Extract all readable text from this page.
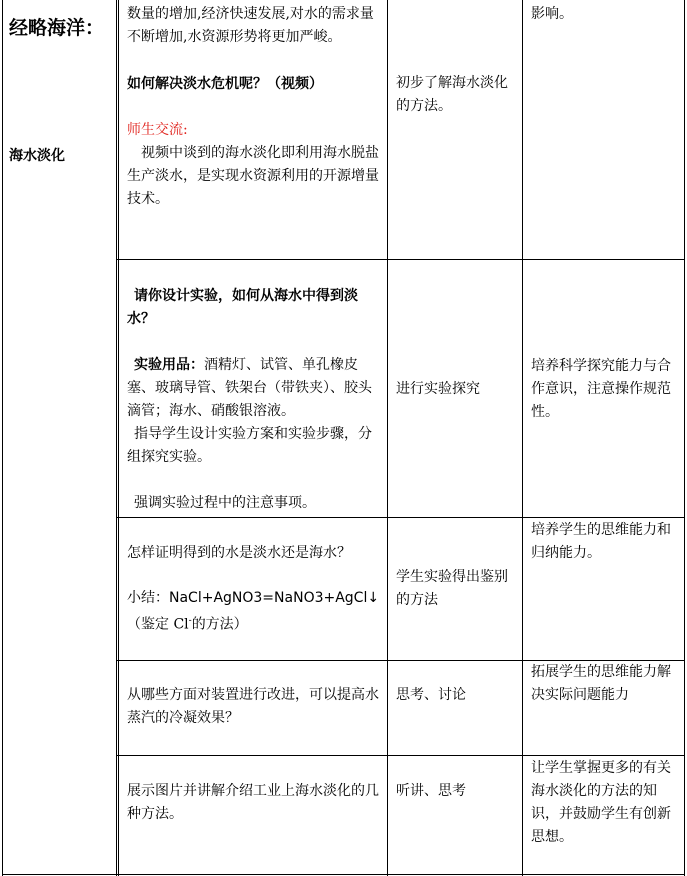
经略海洋：
海水淡化

数量的增加,经济快速发展,对水的需求量不断增加,水资源形势将更加严峻。

如何解决淡水危机呢？（视频）

师生交流:

视频中谈到的海水淡化即利用海水脱盐生产淡水，是实现水资源利用的开源增量技术。

初步了解海水淡化的方法。
影响。

请你设计实验，如何从海水中得到淡水？

实验用品：酒精灯、试管、单孔橡皮塞、玻璃导管、铁架台（带铁夹）、胶头滴管；海水、硝酸银溶液。

指导学生设计实验方案和实验步骤，分组探究实验。

强调实验过程中的注意事项。

进行实验探究
培养科学探究能力与合作意识，注意操作规范性。

怎样证明得到的水是淡水还是海水？

小结：NaCl+AgNO3=NaNO3+AgCl↓

（鉴定 Cl-的方法）

学生实验得出鉴别的方法
培养学生的思维能力和归纳能力。
从哪些方面对装置进行改进，可以提高水蒸汽的冷凝效果？
思考、讨论
拓展学生的思维能力解决实际问题能力
展示图片并讲解介绍工业上海水淡化的几种方法。
听讲、思考
让学生掌握更多的有关海水淡化的方法的知识，并鼓励学生有创新思想。
